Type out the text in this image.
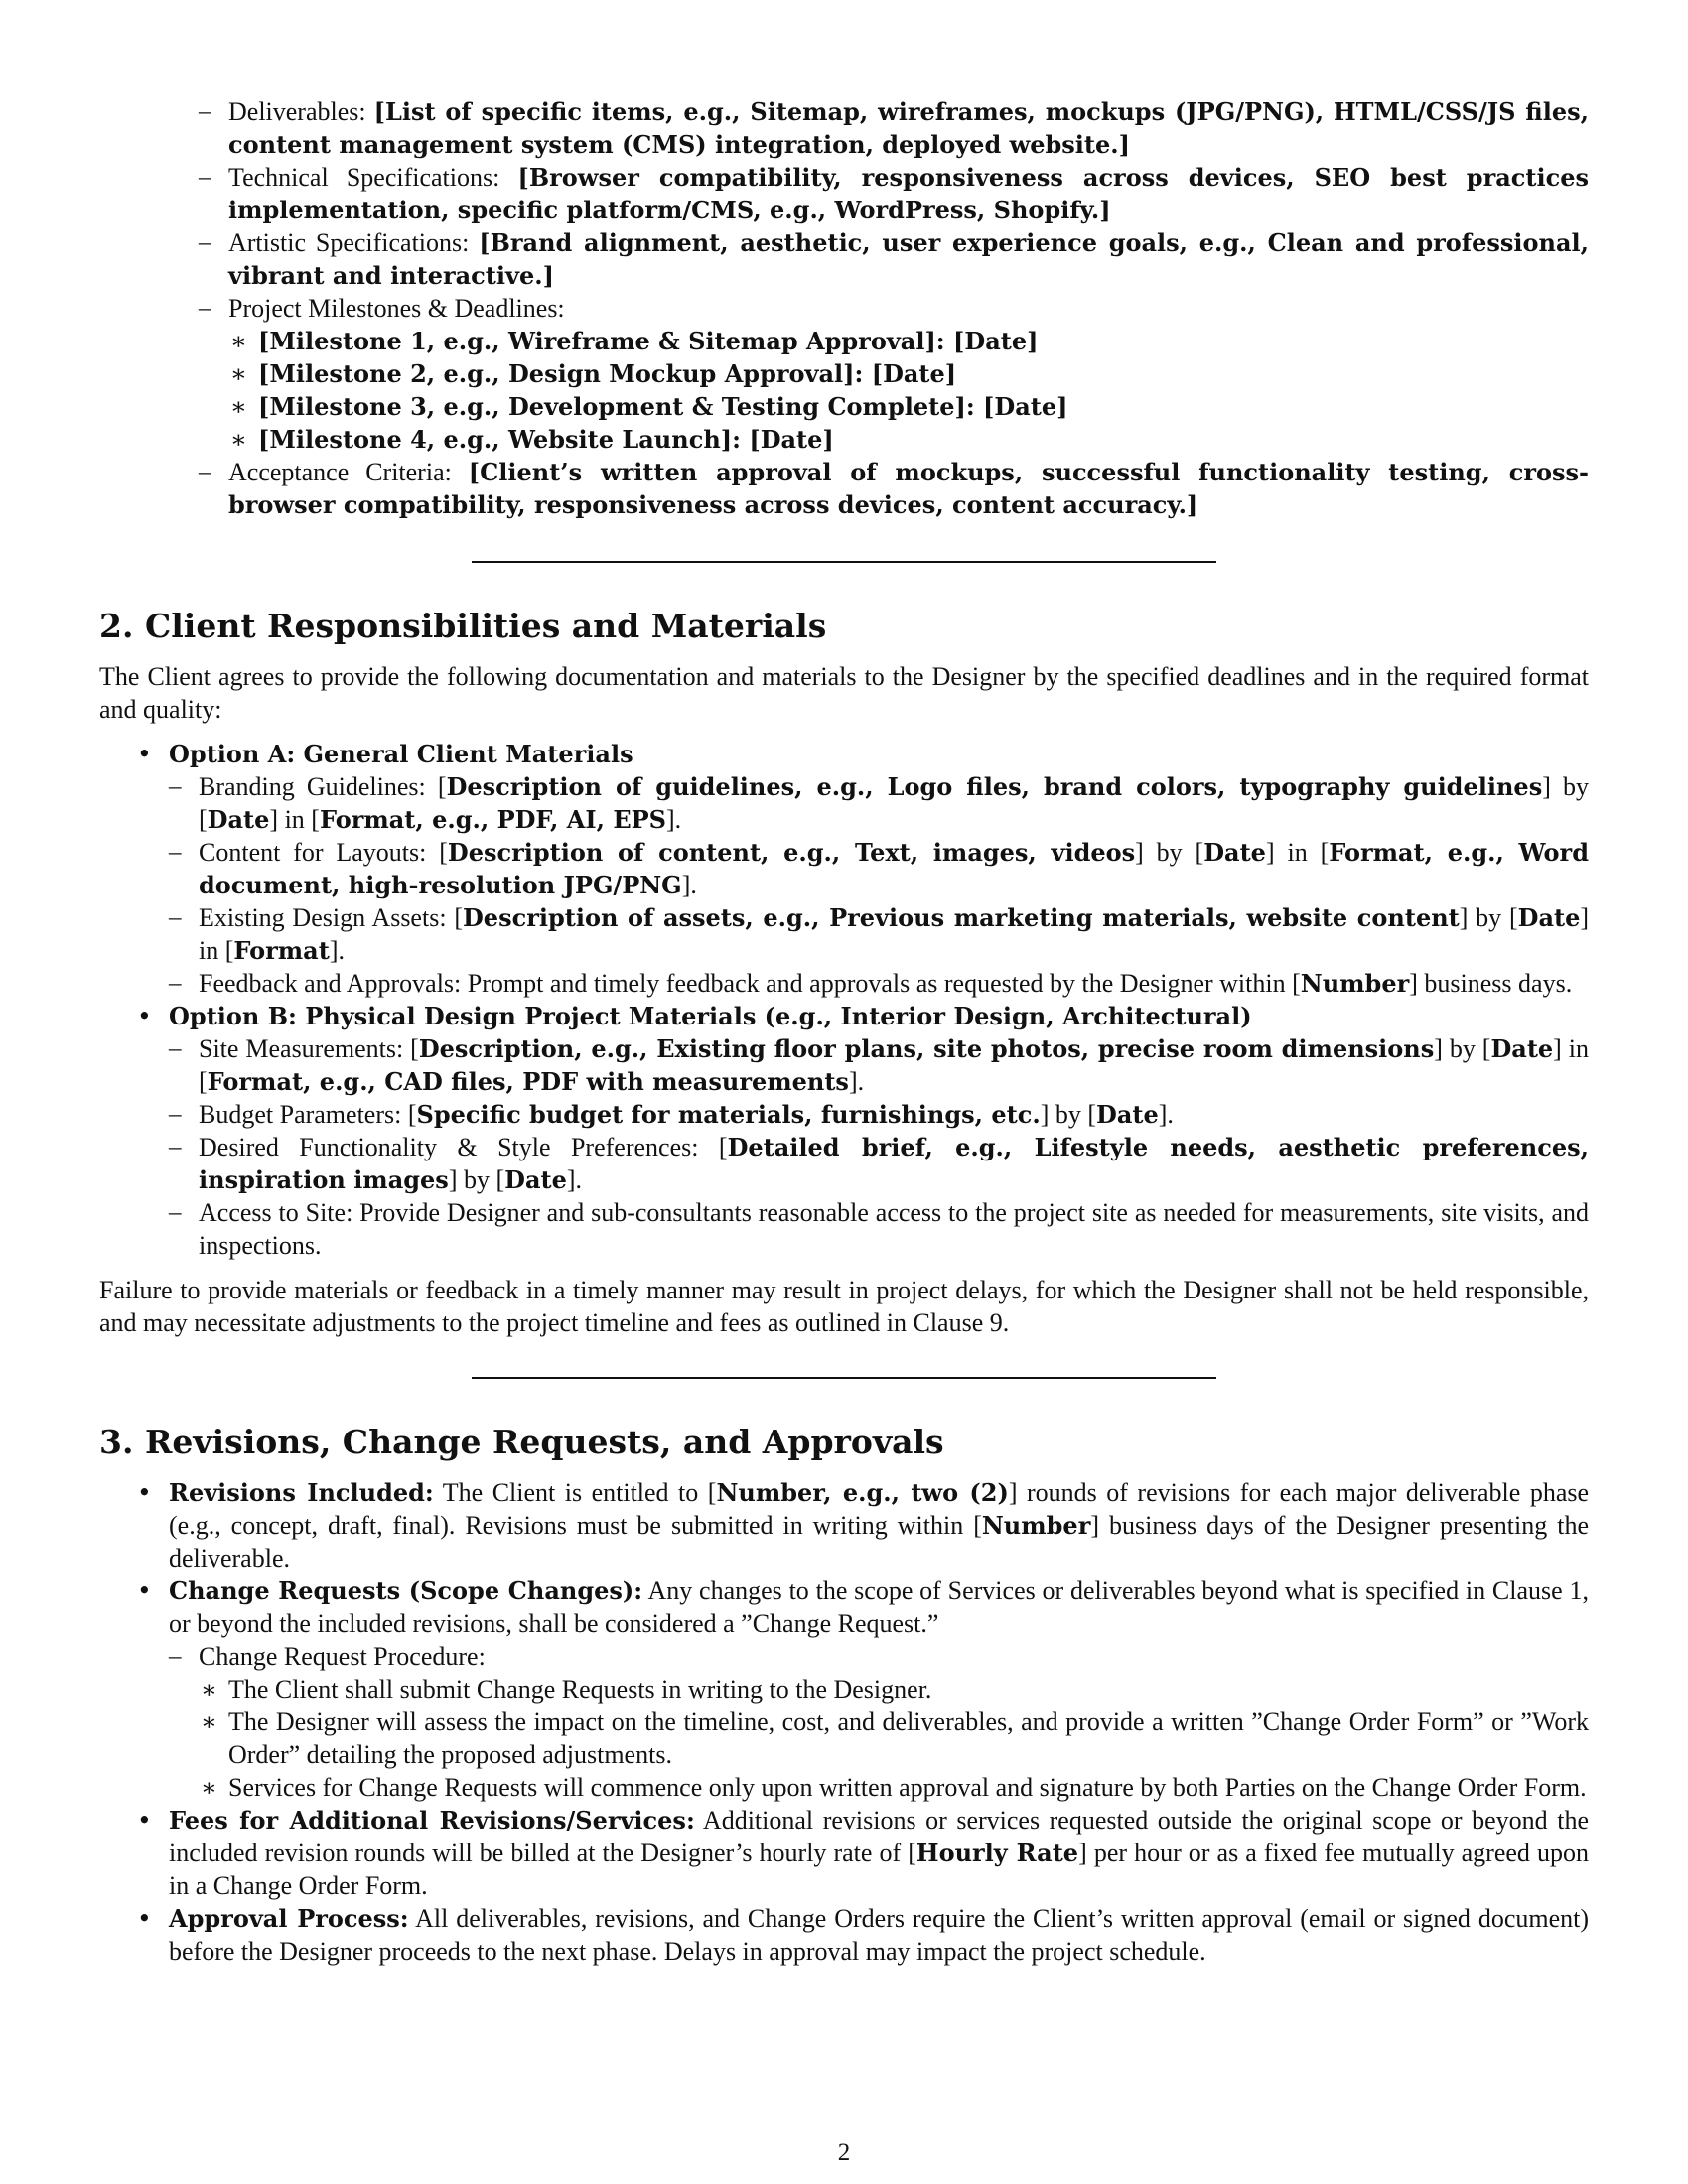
– Deliverables: [List of specific items, e.g., Sitemap, wireframes, mockups (JPG/PNG), HTML/CSS/JS files, content management system (CMS) integration, deployed website.]
– Technical Specifications: [Browser compatibility, responsiveness across devices, SEO best practices implementation, specific platform/CMS, e.g., WordPress, Shopify.]
– Artistic Specifications: [Brand alignment, aesthetic, user experience goals, e.g., Clean and professional, vibrant and interactive.]
– Project Milestones & Deadlines:
∗ [Milestone 1, e.g., Wireframe & Sitemap Approval]: [Date]
∗ [Milestone 2, e.g., Design Mockup Approval]: [Date]
∗ [Milestone 3, e.g., Development & Testing Complete]: [Date]
∗ [Milestone 4, e.g., Website Launch]: [Date]
– Acceptance Criteria: [Client’s written approval of mockups, successful functionality testing, cross-browser compatibility, responsiveness across devices, content accuracy.]
2. Client Responsibilities and Materials

The Client agrees to provide the following documentation and materials to the Designer by the specified deadlines and in the required format and quality:

• Option A: General Client Materials
– Branding Guidelines: [Description of guidelines, e.g., Logo files, brand colors, typography guidelines] by [Date] in [Format, e.g., PDF, AI, EPS].
– Content for Layouts: [Description of content, e.g., Text, images, videos] by [Date] in [Format, e.g., Word document, high-resolution JPG/PNG].
– Existing Design Assets: [Description of assets, e.g., Previous marketing materials, website content] by [Date] in [Format].
– Feedback and Approvals: Prompt and timely feedback and approvals as requested by the Designer within [Number] business days.
• Option B: Physical Design Project Materials (e.g., Interior Design, Architectural)
– Site Measurements: [Description, e.g., Existing floor plans, site photos, precise room dimensions] by [Date] in [Format, e.g., CAD files, PDF with measurements].
– Budget Parameters: [Specific budget for materials, furnishings, etc.] by [Date].
– Desired Functionality & Style Preferences: [Detailed brief, e.g., Lifestyle needs, aesthetic preferences, inspiration images] by [Date].
– Access to Site: Provide Designer and sub-consultants reasonable access to the project site as needed for measurements, site visits, and inspections.

Failure to provide materials or feedback in a timely manner may result in project delays, for which the Designer shall not be held responsible, and may necessitate adjustments to the project timeline and fees as outlined in Clause 9.

3. Revisions, Change Requests, and Approvals
• Revisions Included: The Client is entitled to [Number, e.g., two (2)] rounds of revisions for each major deliverable phase (e.g., concept, draft, final). Revisions must be submitted in writing within [Number] business days of the Designer presenting the deliverable.
• Change Requests (Scope Changes): Any changes to the scope of Services or deliverables beyond what is specified in Clause 1, or beyond the included revisions, shall be considered a ”Change Request.”
– Change Request Procedure:
∗ The Client shall submit Change Requests in writing to the Designer.
∗ The Designer will assess the impact on the timeline, cost, and deliverables, and provide a written ”Change Order Form” or ”Work Order” detailing the proposed adjustments.
∗ Services for Change Requests will commence only upon written approval and signature by both Parties on the Change Order Form.
• Fees for Additional Revisions/Services: Additional revisions or services requested outside the original scope or beyond the included revision rounds will be billed at the Designer’s hourly rate of [Hourly Rate] per hour or as a fixed fee mutually agreed upon in a Change Order Form.
• Approval Process: All deliverables, revisions, and Change Orders require the Client’s written approval (email or signed document) before the Designer proceeds to the next phase. Delays in approval may impact the project schedule.
2
